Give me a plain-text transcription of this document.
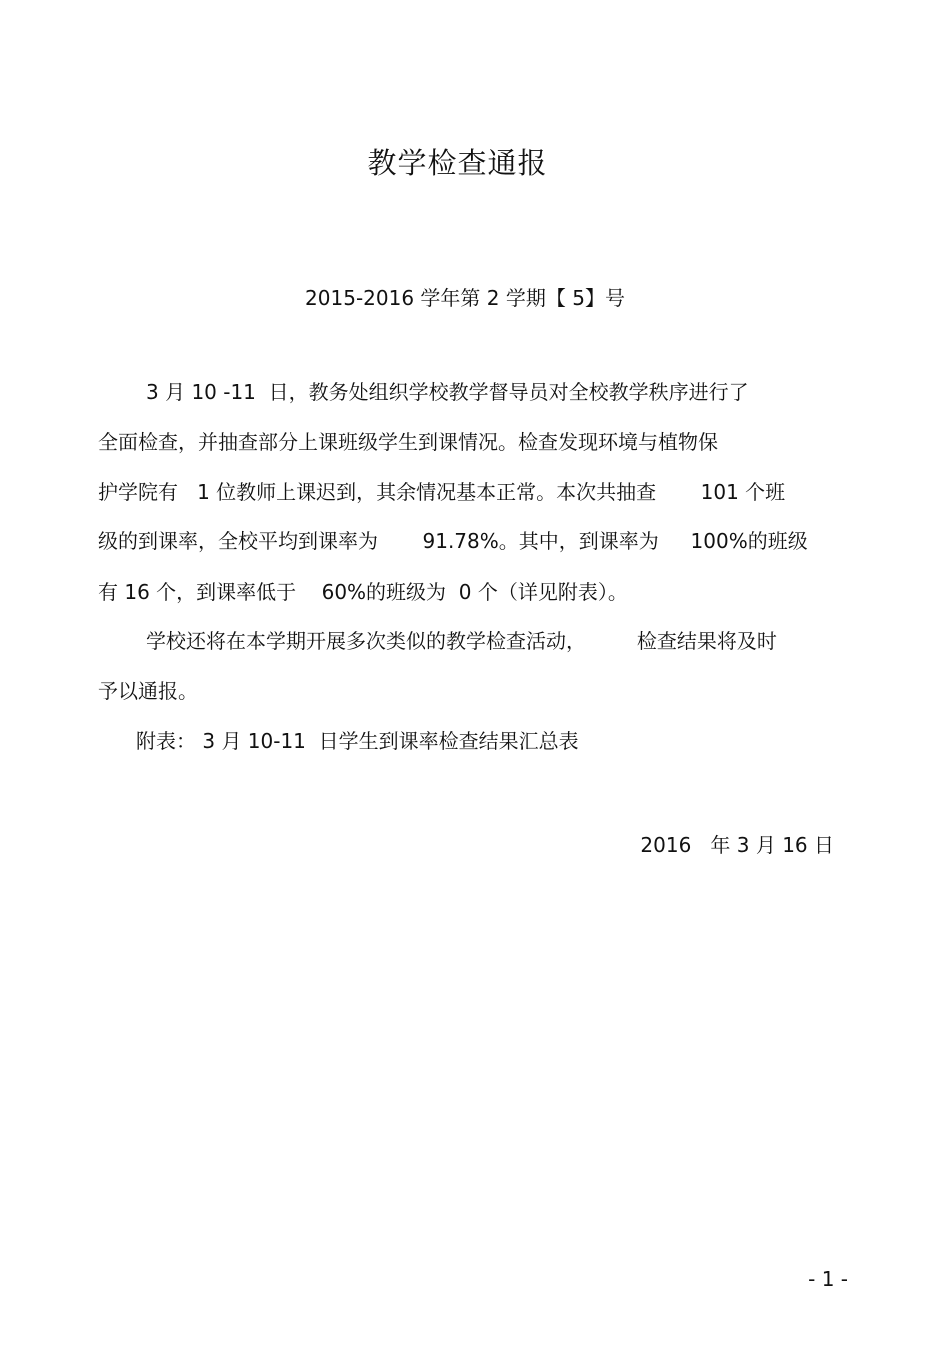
教学检查通报
2015-2016 学年第 2 学期【 5】号
3 月 10 -11  日，教务处组织学校教学督导员对全校教学秩序进行了
全面检查，并抽查部分上课班级学生到课情况。检查发现环境与植物保
护学院有   1 位教师上课迟到，其余情况基本正常。本次共抽查       101 个班
级的到课率，全校平均到课率为       91.78%。其中，到课率为     100%的班级
有 16 个，到课率低于    60%的班级为  0 个（详见附表）。
学校还将在本学期开展多次类似的教学检查活动，        检查结果将及时
予以通报。
附表： 3 月 10-11  日学生到课率检查结果汇总表
2016   年 3 月 16 日
- 1 -
